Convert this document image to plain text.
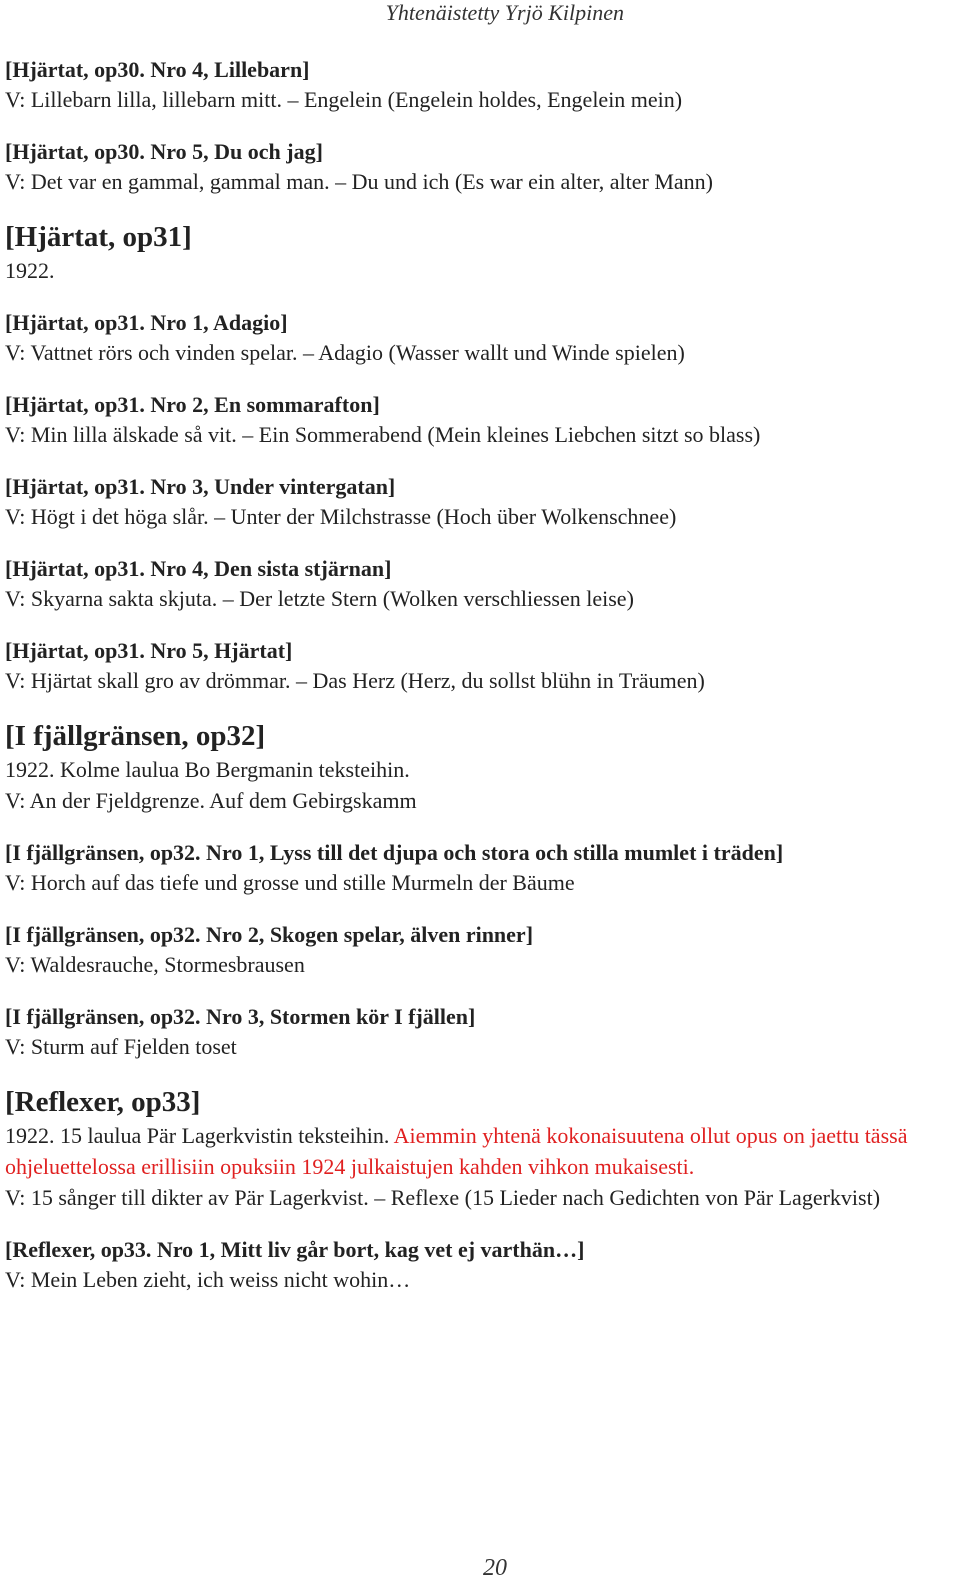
Yhtenäistetty Yrjö Kilpinen
[Hjärtat, op30. Nro 4, Lillebarn]
V: Lillebarn lilla, lillebarn mitt. – Engelein (Engelein holdes, Engelein mein)
[Hjärtat, op30. Nro 5, Du och jag]
V: Det var en gammal, gammal man. – Du und ich (Es war ein alter, alter Mann)
[Hjärtat, op31]
1922.
[Hjärtat, op31. Nro 1, Adagio]
V: Vattnet rörs och vinden spelar. – Adagio (Wasser wallt und Winde spielen)
[Hjärtat, op31. Nro 2, En sommarafton]
V: Min lilla älskade så vit. – Ein Sommerabend (Mein kleines Liebchen sitzt so blass)
[Hjärtat, op31. Nro 3, Under vintergatan]
V: Högt i det höga slår. – Unter der Milchstrasse (Hoch über Wolkenschnee)
[Hjärtat, op31. Nro 4, Den sista stjärnan]
V: Skyarna sakta skjuta. – Der letzte Stern (Wolken verschliessen leise)
[Hjärtat, op31. Nro 5, Hjärtat]
V: Hjärtat skall gro av drömmar. – Das Herz (Herz, du sollst blühn in Träumen)
[I fjällgränsen, op32]
1922. Kolme laulua Bo Bergmanin teksteihin.
V: An der Fjeldgrenze. Auf dem Gebirgskamm
[I fjällgränsen, op32. Nro 1, Lyss till det djupa och stora och stilla mumlet i träden]
V: Horch auf das tiefe und grosse und stille Murmeln der Bäume
[I fjällgränsen, op32. Nro 2, Skogen spelar, älven rinner]
V: Waldesrauche, Stormesbrausen
[I fjällgränsen, op32. Nro 3, Stormen kör I fjällen]
V: Sturm auf Fjelden toset
[Reflexer, op33]
1922. 15 laulua Pär Lagerkvistin teksteihin. Aiemmin yhtenä kokonaisuutena ollut opus on jaettu tässä ohjeluettelossa erillisiin opuksiin 1924 julkaistujen kahden vihkon mukaisesti.
V: 15 sånger till dikter av Pär Lagerkvist. – Reflexe (15 Lieder nach Gedichten von Pär Lagerkvist)
[Reflexer, op33. Nro 1, Mitt liv går bort, kag vet ej varthän…]
V: Mein Leben zieht, ich weiss nicht wohin…
20
